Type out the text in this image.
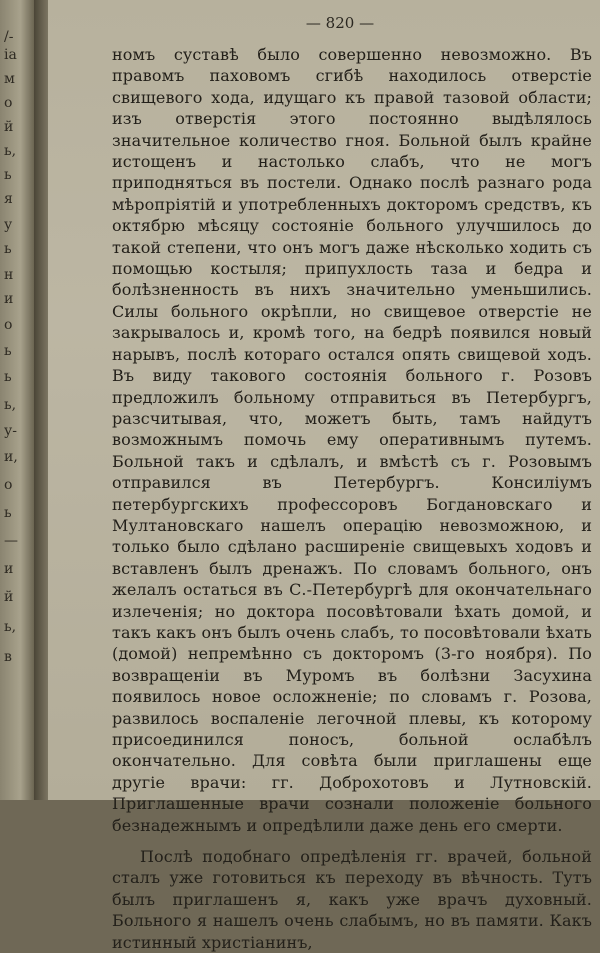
/-
ia
м
о
й
ь,
ь
я
у
ь
н
и
о
ь
ь
ь,
у-
и,
о
ь
—
и
й
ь,
в
— 820 —

номъ суставѣ было совершенно невозможно. Въ правомъ паховомъ сгибѣ находилось отверстіе свищевого хода, идущаго къ правой тазовой области; изъ отверстія этого постоянно выдѣлялось значительное количество гноя. Больной былъ крайне истощенъ и настолько слабъ, что не могъ приподняться въ постели. Однако послѣ разнаго рода мѣропріятій и употребленныхъ докторомъ средствъ, къ октябрю мѣсяцу состояніе больного улучшилось до такой степени, что онъ могъ даже нѣсколько ходить съ помощью костыля; припухлость таза и бедра и болѣзненность въ нихъ значительно уменьшились. Силы больного окрѣпли, но свищевое отверстіе не закрывалось и, кромѣ того, на бедрѣ появился новый нарывъ, послѣ котораго остался опять свищевой ходъ. Въ виду такового состоянія больного г. Розовъ предложилъ больному отправиться въ Петербургъ, разсчитывая, что, можетъ быть, тамъ найдутъ возможнымъ помочь ему оперативнымъ путемъ. Больной такъ и сдѣлалъ, и вмѣстѣ съ г. Розовымъ отправился въ Петербургъ. Консиліумъ петербургскихъ профессоровъ Богдановскаго и Мултановскаго нашелъ операцію невозможною, и только было сдѣлано расширеніе свищевыхъ ходовъ и вставленъ былъ дренажъ. По словамъ больного, онъ желалъ остаться въ С.-Петербургѣ для окончательнаго излеченія; но доктора посовѣтовали ѣхать домой, и такъ какъ онъ былъ очень слабъ, то посовѣтовали ѣхать (домой) непремѣнно съ докторомъ (3-го ноября). По возвращеніи въ Муромъ въ болѣзни Засухина появилось новое осложненіе; по словамъ г. Розова, развилось воспаленіе легочной плевы, къ которому присоединился поносъ, больной ослабѣлъ окончательно. Для совѣта были приглашены еще другіе врачи: гг. Доброхотовъ и Лутновскій. Приглашенные врачи сознали положеніе больного безнадежнымъ и опредѣлили даже день его смерти.

Послѣ подобнаго опредѣленія гг. врачей, больной сталъ уже готовиться къ переходу въ вѣчность. Тутъ былъ приглашенъ я, какъ уже врачъ духовный. Больного я нашелъ очень слабымъ, но въ памяти. Какъ истинный христіанинъ,
